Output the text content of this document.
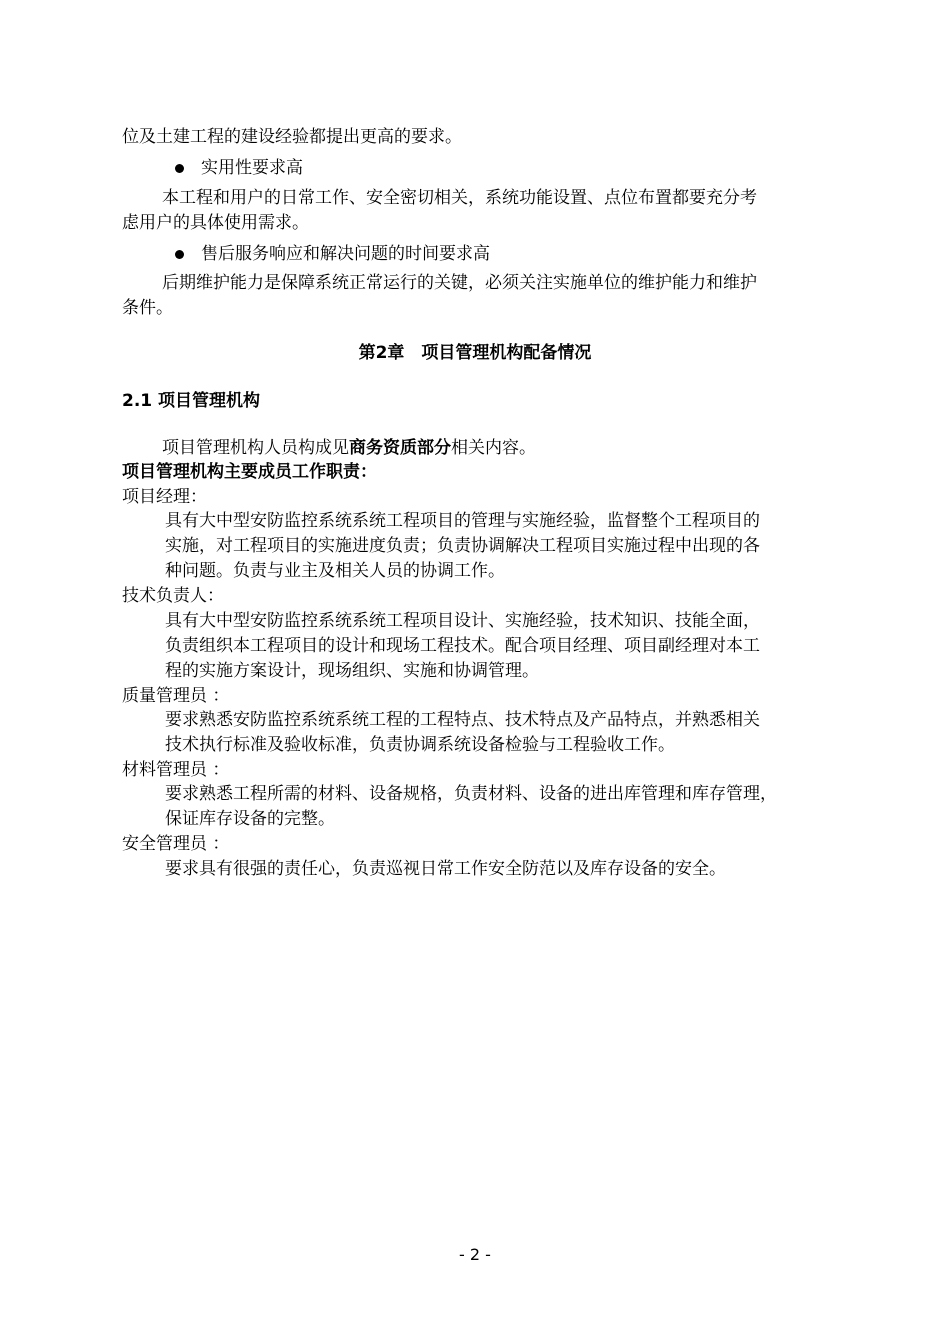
位及土建工程的建设经验都提出更高的要求。
实用性要求高
本工程和用户的日常工作、安全密切相关，系统功能设置、点位布置都要充分考
虑用户的具体使用需求。
售后服务响应和解决问题的时间要求高
后期维护能力是保障系统正常运行的关键，必须关注实施单位的维护能力和维护
条件。
第2章　项目管理机构配备情况
2.1 项目管理机构
项目管理机构人员构成见商务资质部分相关内容。
项目管理机构主要成员工作职责：
项目经理：
具有大中型安防监控系统系统工程项目的管理与实施经验，监督整个工程项目的
实施，对工程项目的实施进度负责；负责协调解决工程项目实施过程中出现的各
种问题。负责与业主及相关人员的协调工作。
技术负责人：
具有大中型安防监控系统系统工程项目设计、实施经验，技术知识、技能全面，
负责组织本工程项目的设计和现场工程技术。配合项目经理、项目副经理对本工
程的实施方案设计，现场组织、实施和协调管理。
质量管理员 ：
要求熟悉安防监控系统系统工程的工程特点、技术特点及产品特点，并熟悉相关
技术执行标准及验收标准，负责协调系统设备检验与工程验收工作。
材料管理员 ：
要求熟悉工程所需的材料、设备规格，负责材料、设备的进出库管理和库存管理，
保证库存设备的完整。
安全管理员 ：
要求具有很强的责任心，负责巡视日常工作安全防范以及库存设备的安全。
- 2 -
